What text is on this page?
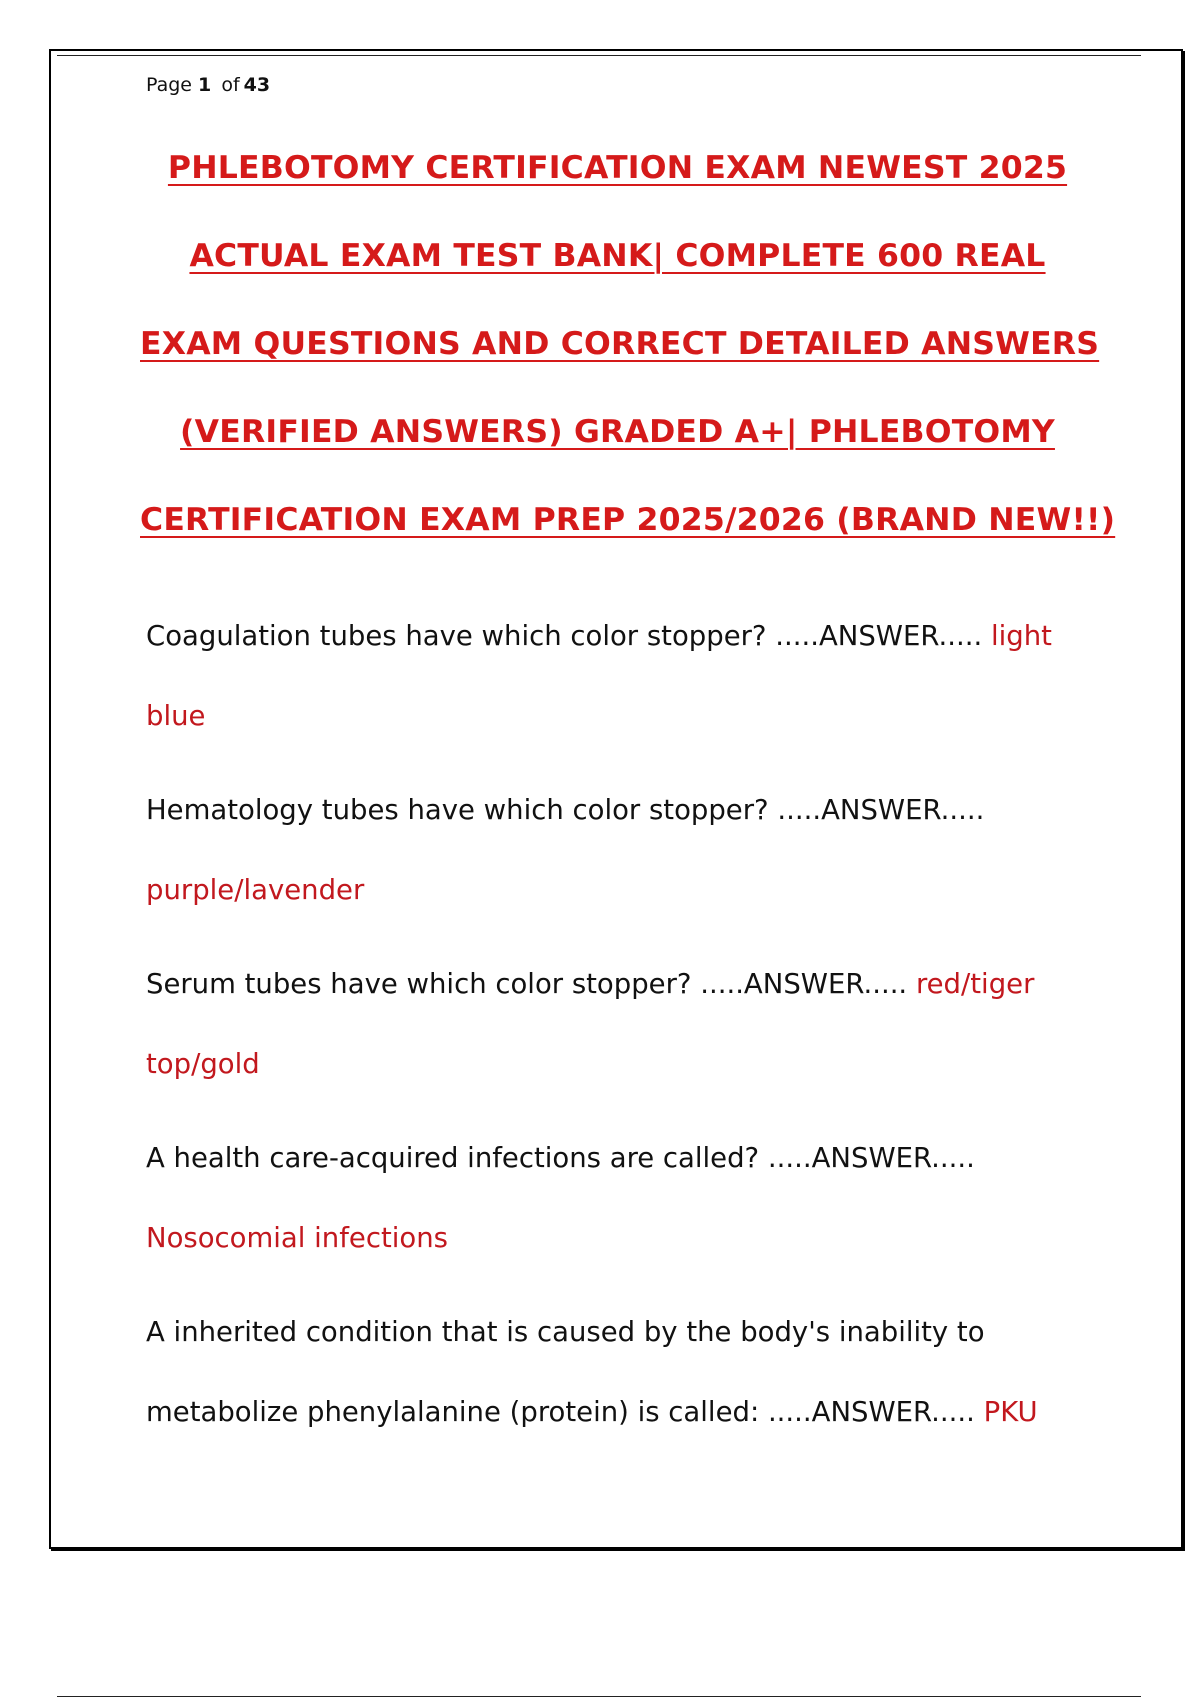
Page 1 of 43
PHLEBOTOMY CERTIFICATION EXAM NEWEST 2025
ACTUAL EXAM TEST BANK| COMPLETE 600 REAL
EXAM QUESTIONS AND CORRECT DETAILED ANSWERS
(VERIFIED ANSWERS) GRADED A+| PHLEBOTOMY
CERTIFICATION EXAM PREP 2025/2026 (BRAND NEW!!)
Coagulation tubes have which color stopper? .....ANSWER..... light blue
Hematology tubes have which color stopper? .....ANSWER..... purple/lavender
Serum tubes have which color stopper? .....ANSWER..... red/tiger top/gold
A health care-acquired infections are called? .....ANSWER..... Nosocomial infections
A inherited condition that is caused by the body's inability to metabolize phenylalanine (protein) is called: .....ANSWER..... PKU
